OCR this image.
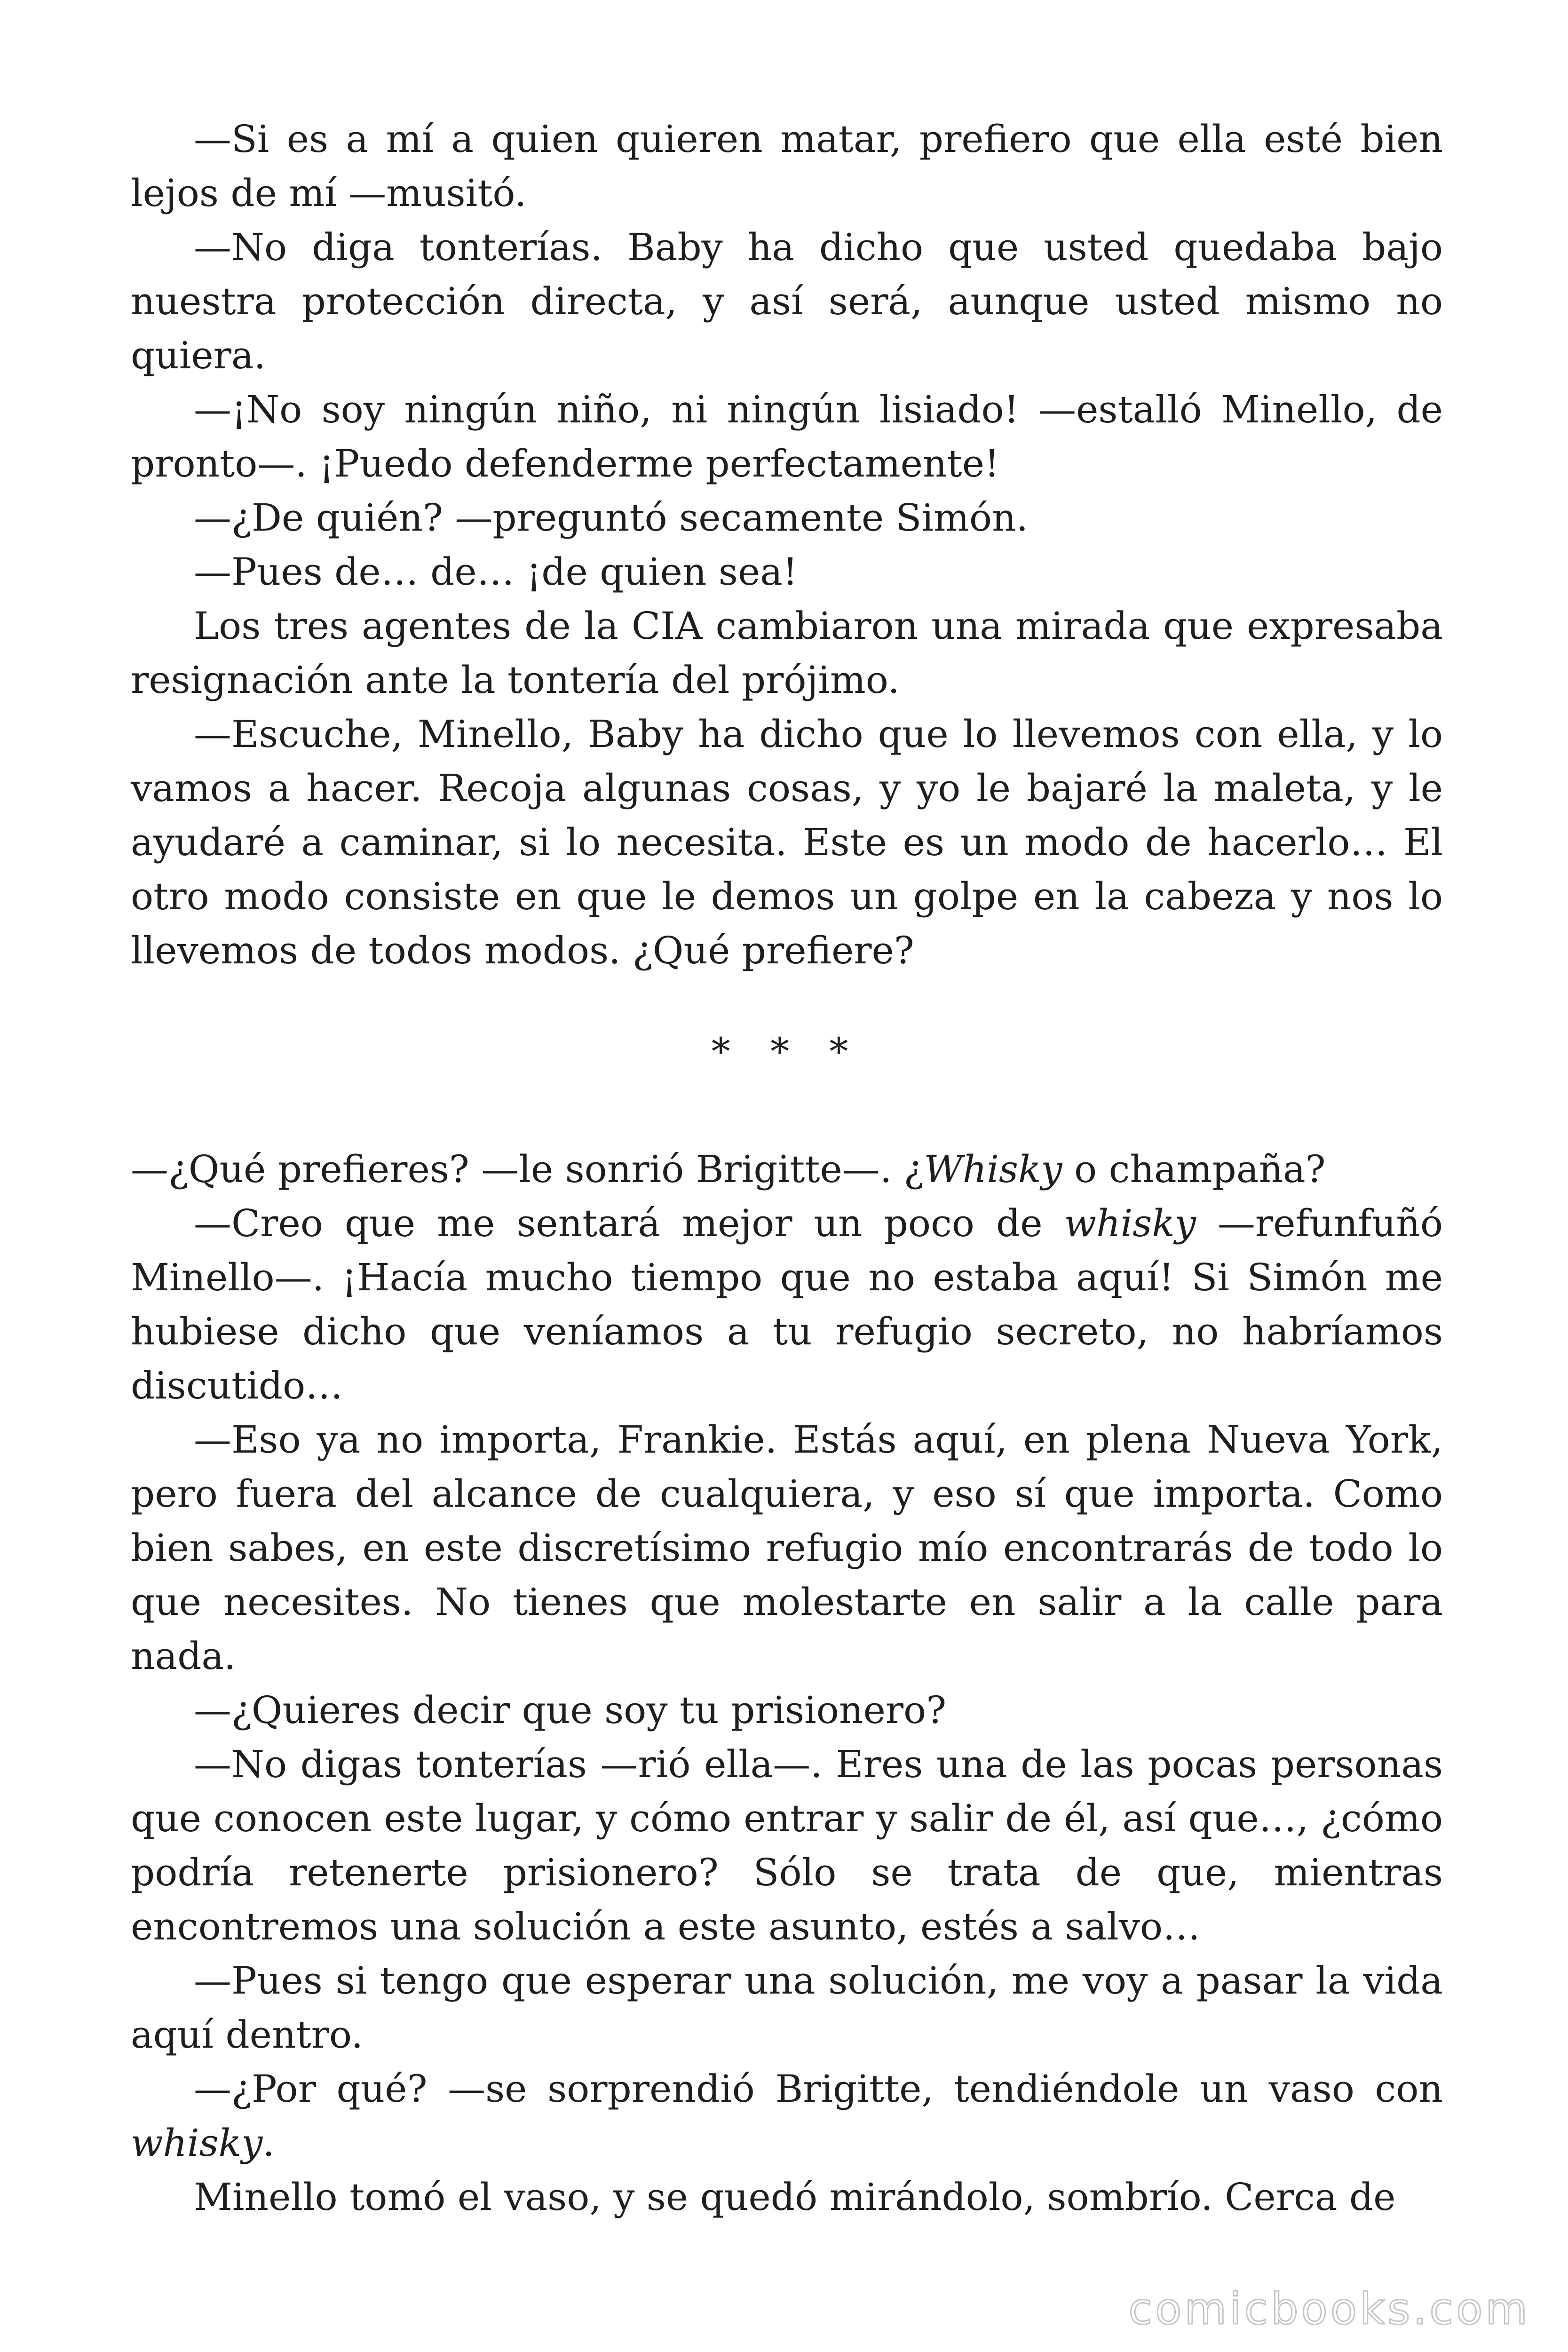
—Si es a mí a quien quieren matar, prefiero que ella esté bien lejos de mí —musitó.

—No diga tonterías. Baby ha dicho que usted quedaba bajo nuestra protección directa, y así será, aunque usted mismo no quiera.

—¡No soy ningún niño, ni ningún lisiado! —estalló Minello, de pronto—. ¡Puedo defenderme perfectamente!

—¿De quién? —preguntó secamente Simón.

—Pues de… de… ¡de quien sea!

Los tres agentes de la CIA cambiaron una mirada que expresaba resignación ante la tontería del prójimo.

—Escuche, Minello, Baby ha dicho que lo llevemos con ella, y lo vamos a hacer. Recoja algunas cosas, y yo le bajaré la maleta, y le ayudaré a caminar, si lo necesita. Este es un modo de hacerlo… El otro modo consiste en que le demos un golpe en la cabeza y nos lo llevemos de todos modos. ¿Qué prefiere?

* * *

—¿Qué prefieres? —le sonrió Brigitte—. ¿Whisky o champaña?

—Creo que me sentará mejor un poco de whisky —refunfuñó Minello—. ¡Hacía mucho tiempo que no estaba aquí! Si Simón me hubiese dicho que veníamos a tu refugio secreto, no habríamos discutido…

—Eso ya no importa, Frankie. Estás aquí, en plena Nueva York, pero fuera del alcance de cualquiera, y eso sí que importa. Como bien sabes, en este discretísimo refugio mío encontrarás de todo lo que necesites. No tienes que molestarte en salir a la calle para nada.

—¿Quieres decir que soy tu prisionero?

—No digas tonterías —rió ella—. Eres una de las pocas personas que conocen este lugar, y cómo entrar y salir de él, así que…, ¿cómo podría retenerte prisionero? Sólo se trata de que, mientras encontremos una solución a este asunto, estés a salvo…

—Pues si tengo que esperar una solución, me voy a pasar la vida aquí dentro.

—¿Por qué? —se sorprendió Brigitte, tendiéndole un vaso con whisky.

Minello tomó el vaso, y se quedó mirándolo, sombrío. Cerca de

comicbooks.com
